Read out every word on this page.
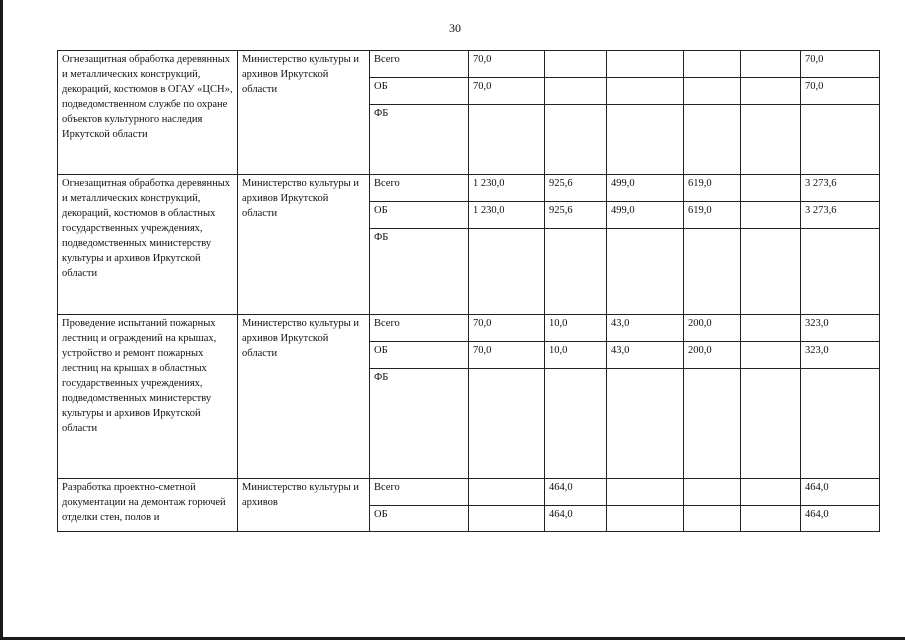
30
Огнезащитная обработка деревянных и металлических конструкций, декораций, костюмов в ОГАУ «ЦСН», подведомственном службе по охране объектов культурного наследия Иркутской области	Министерство культуры и архивов Иркутской области	Всего	70,0					70,0
		ОБ	70,0					70,0
		ФБ						
Огнезащитная обработка деревянных и металлических конструкций, декораций, костюмов в областных государственных учреждениях, подведомственных министерству культуры и архивов Иркутской области	Министерство культуры и архивов Иркутской области	Всего	1 230,0	925,6	499,0	619,0		3 273,6
		ОБ	1 230,0	925,6	499,0	619,0		3 273,6
		ФБ						
Проведение испытаний пожарных лестниц и ограждений на крышах, устройство и ремонт пожарных лестниц на крышах в областных государственных учреждениях, подведомственных министерству культуры и архивов Иркутской области	Министерство культуры и архивов Иркутской области	Всего	70,0	10,0	43,0	200,0		323,0
		ОБ	70,0	10,0	43,0	200,0		323,0
		ФБ						
Разработка проектно-сметной документации на демонтаж горючей отделки стен, полов и	Министерство культуры и архивов	Всего		464,0				464,0
		ОБ		464,0				464,0
